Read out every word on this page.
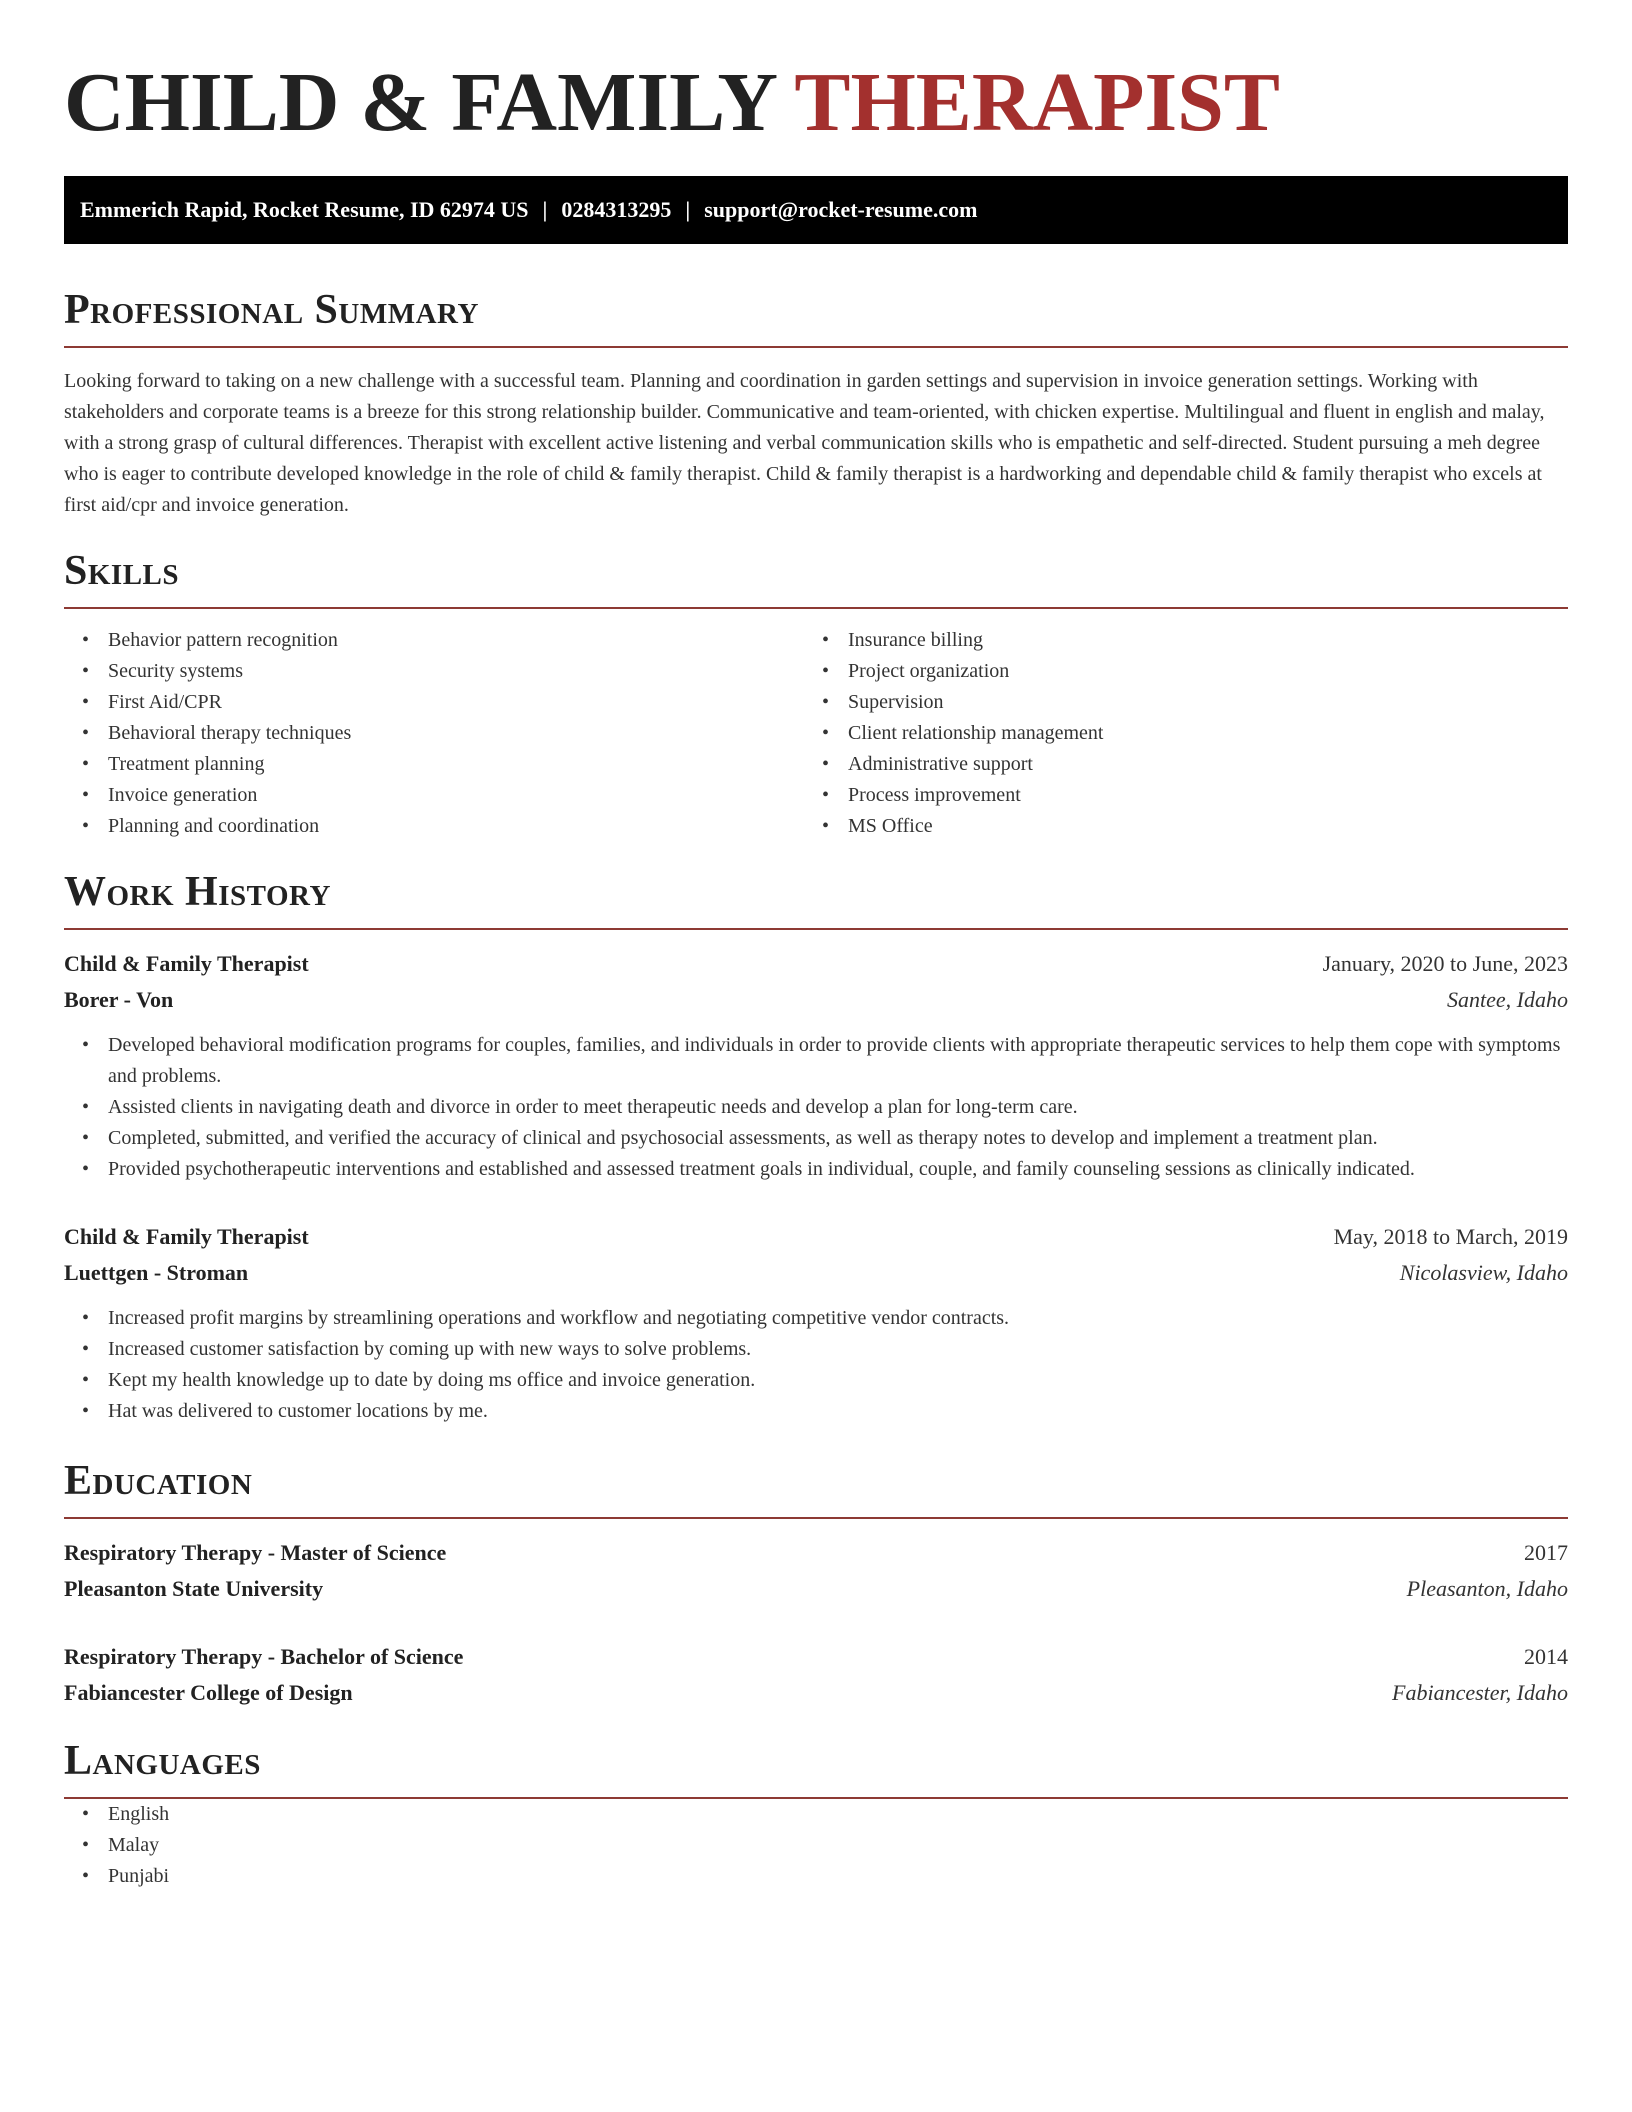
CHILD & FAMILY THERAPIST
Emmerich Rapid, Rocket Resume, ID 62974 US | 0284313295 | support@rocket-resume.com
Professional Summary

Looking forward to taking on a new challenge with a successful team. Planning and coordination in garden settings and supervision in invoice generation settings. Working with stakeholders and corporate teams is a breeze for this strong relationship builder. Communicative and team-oriented, with chicken expertise. Multilingual and fluent in english and malay, with a strong grasp of cultural differences. Therapist with excellent active listening and verbal communication skills who is empathetic and self-directed. Student pursuing a meh degree who is eager to contribute developed knowledge in the role of child & family therapist. Child & family therapist is a hardworking and dependable child & family therapist who excels at first aid/cpr and invoice generation.

Skills
• Behavior pattern recognition
• Security systems
• First Aid/CPR
• Behavioral therapy techniques
• Treatment planning
• Invoice generation
• Planning and coordination
• Insurance billing
• Project organization
• Supervision
• Client relationship management
• Administrative support
• Process improvement
• MS Office
Work History
Child & Family Therapist	January, 2020 to June, 2023
Borer - Von	Santee, Idaho
• Developed behavioral modification programs for couples, families, and individuals in order to provide clients with appropriate therapeutic services to help them cope with symptoms and problems.
• Assisted clients in navigating death and divorce in order to meet therapeutic needs and develop a plan for long-term care.
• Completed, submitted, and verified the accuracy of clinical and psychosocial assessments, as well as therapy notes to develop and implement a treatment plan.
• Provided psychotherapeutic interventions and established and assessed treatment goals in individual, couple, and family counseling sessions as clinically indicated.
Child & Family Therapist	May, 2018 to March, 2019
Luettgen - Stroman	Nicolasview, Idaho
• Increased profit margins by streamlining operations and workflow and negotiating competitive vendor contracts.
• Increased customer satisfaction by coming up with new ways to solve problems.
• Kept my health knowledge up to date by doing ms office and invoice generation.
• Hat was delivered to customer locations by me.
Education
Respiratory Therapy - Master of Science	2017
Pleasanton State University	Pleasanton, Idaho
Respiratory Therapy - Bachelor of Science	2014
Fabiancester College of Design	Fabiancester, Idaho
Languages
• English
• Malay
• Punjabi
